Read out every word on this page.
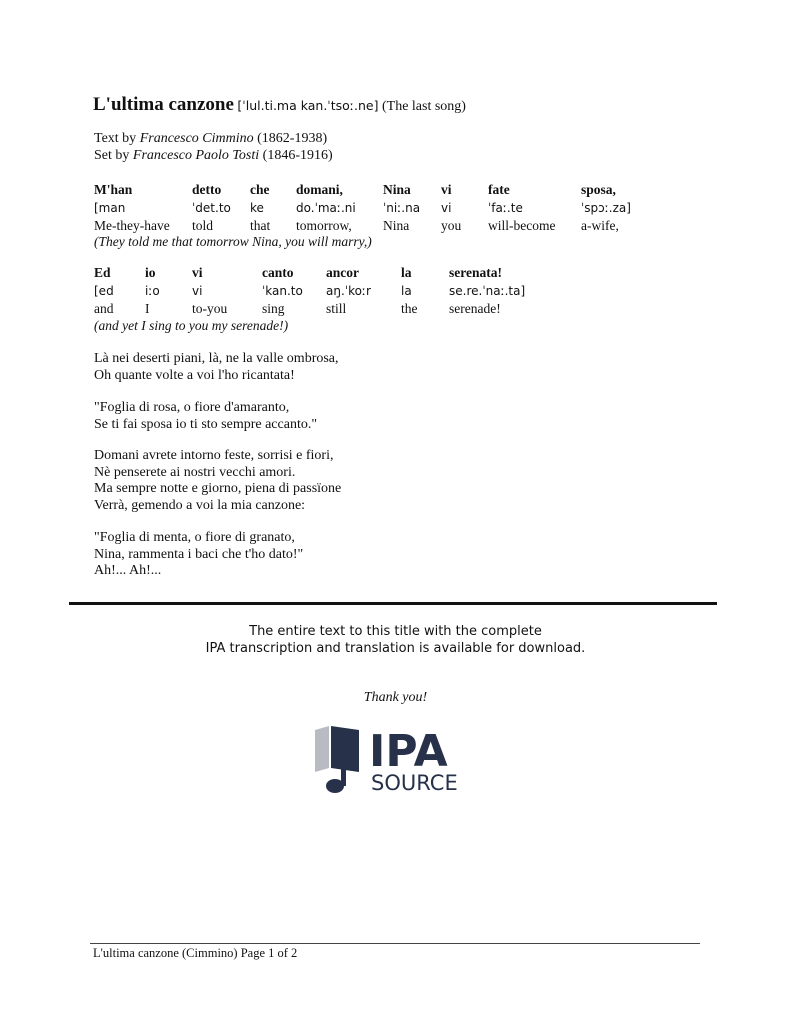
L'ultima canzone [ˈlul.ti.ma kan.ˈtsoː.ne] (The last song)
Text by Francesco Cimmino (1862-1938)
Set by Francesco Paolo Tosti (1846-1916)
M'han	detto	che	domani,	Nina	vi	fate	sposa,
[man	ˈdet.to	ke	do.ˈmaː.ni	ˈniː.na	vi	ˈfaː.te	ˈspɔː.za]
Me-they-have	told	that	tomorrow,	Nina	you	will-become	a-wife,
(They told me that tomorrow Nina, you will marry,)
Ed	io	vi	canto	ancor	la	serenata!
[ed	iːo	vi	ˈkan.to	aŋ.ˈkoːr	la	se.re.ˈnaː.ta]
and	I	to-you	sing	still	the	serenade!
(and yet I sing to you my serenade!)
Là nei deserti piani, là, ne la valle ombrosa,
Oh quante volte a voi l'ho ricantata!
"Foglia di rosa, o fiore d'amaranto,
Se ti fai sposa io ti sto sempre accanto."
Domani avrete intorno feste, sorrisi e fiori,
Nè penserete ai nostri vecchi amori.
Ma sempre notte e giorno, piena di passïone
Verrà, gemendo a voi la mia canzone:
"Foglia di menta, o fiore di granato,
Nina, rammenta i baci che t'ho dato!"
Ah!... Ah!...
The entire text to this title with the complete
IPA transcription and translation is available for download.
Thank you!
IPA
SOURCE
L'ultima canzone (Cimmino) Page 1 of 2
